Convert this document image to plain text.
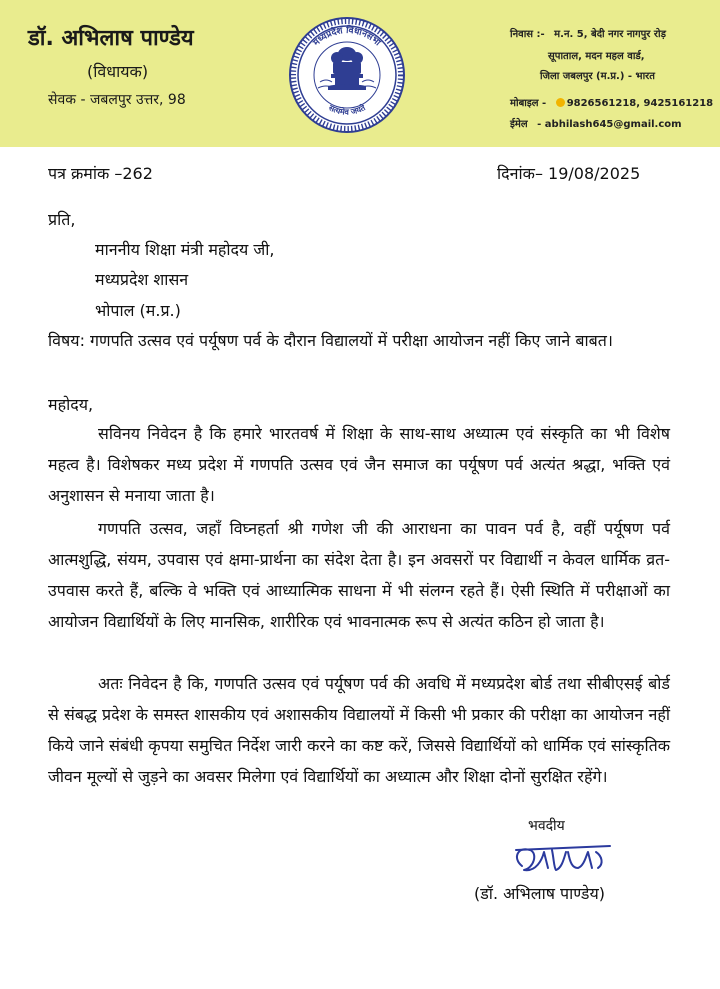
डॉ. अभिलाष पाण्डेय
(विधायक)
सेवक - जबलपुर उत्तर, 98
मध्यप्रदेश विधानसभा
सत्यमेव जयते
निवास :- म.न. 5, बेदी नगर नागपुर रोड़
सूपाताल, मदन महल वार्ड,
जिला जबलपुर (म.प्र.) - भारत
मोबाइल - 9826561218, 9425161218
ईमेल - abhilash645@gmail.com
पत्र क्रमांक –262	दिनांक– 19/08/2025
प्रति,
माननीय शिक्षा मंत्री महोदय जी,
मध्यप्रदेश शासन
भोपाल (म.प्र.)
विषय: गणपति उत्सव एवं पर्यूषण पर्व के दौरान विद्यालयों में परीक्षा आयोजन नहीं किए जाने बाबत।
महोदय,
सविनय निवेदन है कि हमारे भारतवर्ष में शिक्षा के साथ-साथ अध्यात्म एवं संस्कृति का भी विशेष महत्व है। विशेषकर मध्य प्रदेश में गणपति उत्सव एवं जैन समाज का पर्यूषण पर्व अत्यंत श्रद्धा, भक्ति एवं अनुशासन से मनाया जाता है।
गणपति उत्सव, जहाँ विघ्नहर्ता श्री गणेश जी की आराधना का पावन पर्व है, वहीं पर्यूषण पर्व आत्मशुद्धि, संयम, उपवास एवं क्षमा-प्रार्थना का संदेश देता है। इन अवसरों पर विद्यार्थी न केवल धार्मिक व्रत-उपवास करते हैं, बल्कि वे भक्ति एवं आध्यात्मिक साधना में भी संलग्न रहते हैं। ऐसी स्थिति में परीक्षाओं का आयोजन विद्यार्थियों के लिए मानसिक, शारीरिक एवं भावनात्मक रूप से अत्यंत कठिन हो जाता है।
अतः निवेदन है कि, गणपति उत्सव एवं पर्यूषण पर्व की अवधि में मध्यप्रदेश बोर्ड तथा सीबीएसई बोर्ड से संबद्ध प्रदेश के समस्त शासकीय एवं अशासकीय विद्यालयों में किसी भी प्रकार की परीक्षा का आयोजन नहीं किये जाने संबंधी कृपया समुचित निर्देश जारी करने का कष्ट करें, जिससे विद्यार्थियों को धार्मिक एवं सांस्कृतिक जीवन मूल्यों से जुड़ने का अवसर मिलेगा एवं विद्यार्थियों का अध्यात्म और शिक्षा दोनों सुरक्षित रहेंगे।
भवदीय
(डॉ. अभिलाष पाण्डेय)
